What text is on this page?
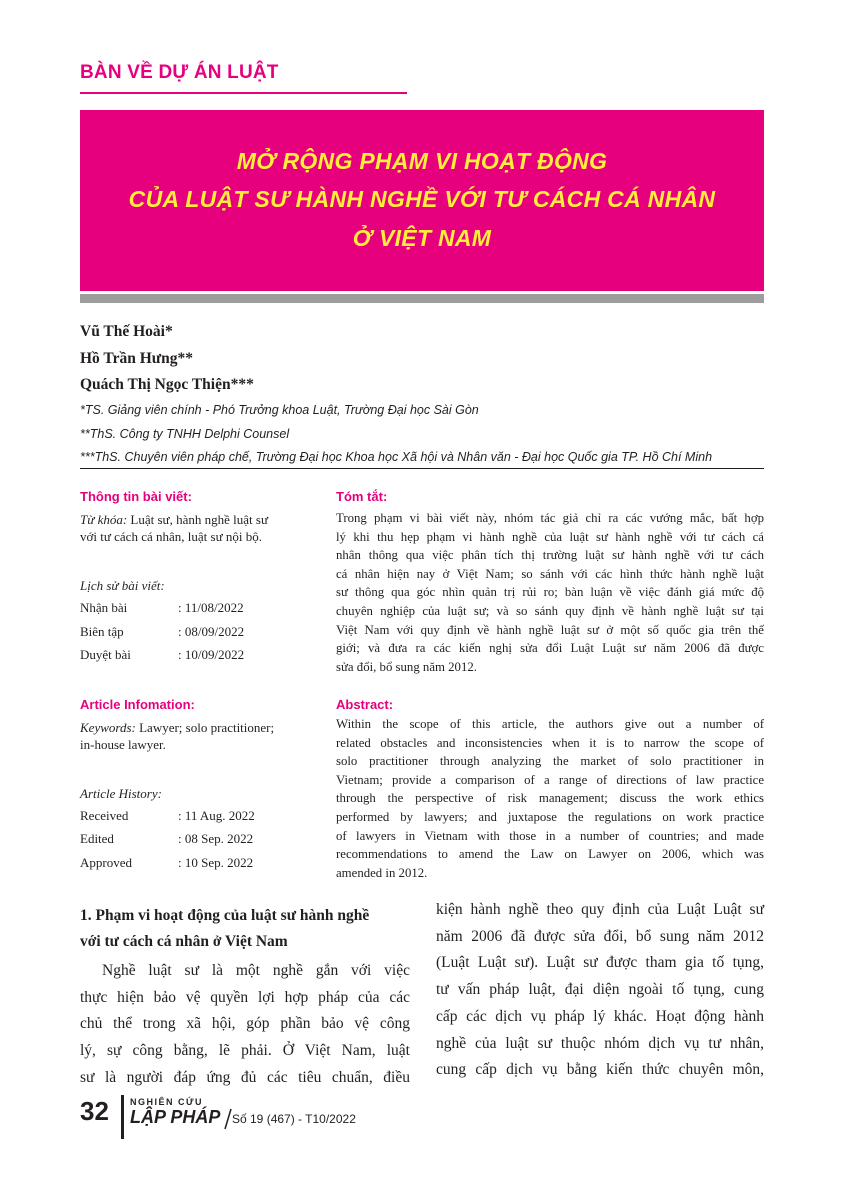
BÀN VỀ DỰ ÁN LUẬT
MỞ RỘNG PHẠM VI HOẠT ĐỘNG
CỦA LUẬT SƯ HÀNH NGHỀ VỚI TƯ CÁCH CÁ NHÂN
Ở VIỆT NAM
Vũ Thế Hoài*
Hồ Trần Hưng**
Quách Thị Ngọc Thiện***
*TS. Giảng viên chính - Phó Trưởng khoa Luật, Trường Đại học Sài Gòn
**ThS. Công ty TNHH Delphi Counsel
***ThS. Chuyên viên pháp chế, Trường Đại học Khoa học Xã hội và Nhân văn - Đại học Quốc gia TP. Hồ Chí Minh
Thông tin bài viết:
Từ khóa: Luật sư, hành nghề luật sư
với tư cách cá nhân, luật sư nội bộ.
Lịch sử bài viết:
Nhận bài	: 11/08/2022
Biên tập	: 08/09/2022
Duyệt bài	: 10/09/2022
Article Infomation:
Keywords: Lawyer; solo practitioner;
in-house lawyer.
Article History:
Received	: 11 Aug. 2022
Edited	: 08 Sep. 2022
Approved	: 10 Sep. 2022
Tóm tắt:
Trong phạm vi bài viết này, nhóm tác giả chỉ ra các vướng mắc, bất hợp
lý khi thu hẹp phạm vi hành nghề của luật sư hành nghề với tư cách cá
nhân thông qua việc phân tích thị trường luật sư hành nghề với tư cách
cá nhân hiện nay ở Việt Nam; so sánh với các hình thức hành nghề luật
sư thông qua góc nhìn quản trị rủi ro; bàn luận về việc đánh giá mức độ
chuyên nghiệp của luật sư; và so sánh quy định về hành nghề luật sư tại
Việt Nam với quy định về hành nghề luật sư ở một số quốc gia trên thế
giới; và đưa ra các kiến nghị sửa đổi Luật Luật sư năm 2006 đã được
sửa đổi, bổ sung năm 2012.
Abstract:
Within the scope of this article, the authors give out a number of
related obstacles and inconsistencies when it is to narrow the scope of
solo practitioner through analyzing the market of solo practitioner in
Vietnam; provide a comparison of a range of directions of law practice
through the perspective of risk management; discuss the work ethics
performed by lawyers; and juxtapose the regulations on work practice
of lawyers in Vietnam with those in a number of countries; and made
recommendations to amend the Law on Lawyer on 2006, which was
amended in 2012.
1. Phạm vi hoạt động của luật sư hành nghề
với tư cách cá nhân ở Việt Nam
Nghề luật sư là một nghề gắn với việc
thực hiện bảo vệ quyền lợi hợp pháp của các
chủ thể trong xã hội, góp phần bảo vệ công
lý, sự công bằng, lẽ phải. Ở Việt Nam, luật
sư là người đáp ứng đủ các tiêu chuẩn, điều
kiện hành nghề theo quy định của Luật Luật sư
năm 2006 đã được sửa đổi, bổ sung năm 2012
(Luật Luật sư). Luật sư được tham gia tố tụng,
tư vấn pháp luật, đại diện ngoài tố tụng, cung
cấp các dịch vụ pháp lý khác. Hoạt động hành
nghề của luật sư thuộc nhóm dịch vụ tư nhân,
cung cấp dịch vụ bằng kiến thức chuyên môn,
32 NGHIÊN CỨU
LẬP PHÁP Số 19 (467) - T10/2022
